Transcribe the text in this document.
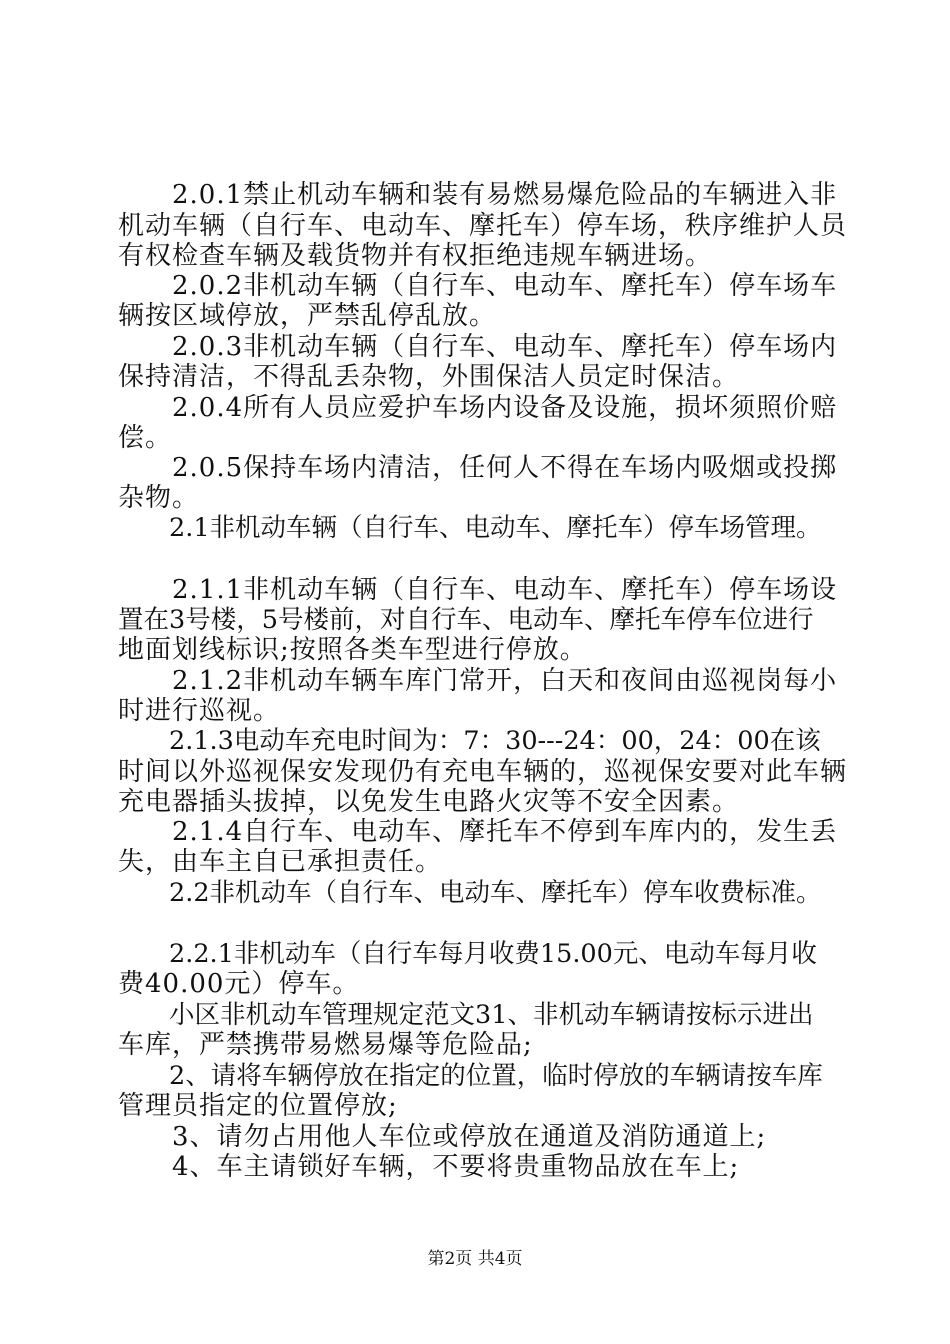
　　2.0.1禁止机动车辆和装有易燃易爆危险品的车辆进入非
机动车辆（自行车、电动车、摩托车）停车场，秩序维护人员
有权检查车辆及载货物并有权拒绝违规车辆进场。
　　2.0.2非机动车辆（自行车、电动车、摩托车）停车场车
辆按区域停放，严禁乱停乱放。
　　2.0.3非机动车辆（自行车、电动车、摩托车）停车场内
保持清洁，不得乱丢杂物，外围保洁人员定时保洁。
　　2.0.4所有人员应爱护车场内设备及设施，损坏须照价赔
偿。
　　2.0.5保持车场内清洁，任何人不得在车场内吸烟或投掷
杂物。
　　2.1非机动车辆（自行车、电动车、摩托车）停车场管理。
　　2.1.1非机动车辆（自行车、电动车、摩托车）停车场设
置在3号楼，5号楼前，对自行车、电动车、摩托车停车位进行
地面划线标识;按照各类车型进行停放。
　　2.1.2非机动车辆车库门常开，白天和夜间由巡视岗每小
时进行巡视。
　　2.1.3电动车充电时间为：7：30---24：00，24：00在该
时间以外巡视保安发现仍有充电车辆的，巡视保安要对此车辆
充电器插头拔掉，以免发生电路火灾等不安全因素。
　　2.1.4自行车、电动车、摩托车不停到车库内的，发生丢
失，由车主自已承担责任。
　　2.2非机动车（自行车、电动车、摩托车）停车收费标准。
　　2.2.1非机动车（自行车每月收费15.00元、电动车每月收
费40.00元）停车。
　　小区非机动车管理规定范文31、非机动车辆请按标示进出
车库，严禁携带易燃易爆等危险品;
　　2、请将车辆停放在指定的位置，临时停放的车辆请按车库
管理员指定的位置停放;
　　3、请勿占用他人车位或停放在通道及消防通道上;
　　4、车主请锁好车辆，不要将贵重物品放在车上;
第2页 共4页
